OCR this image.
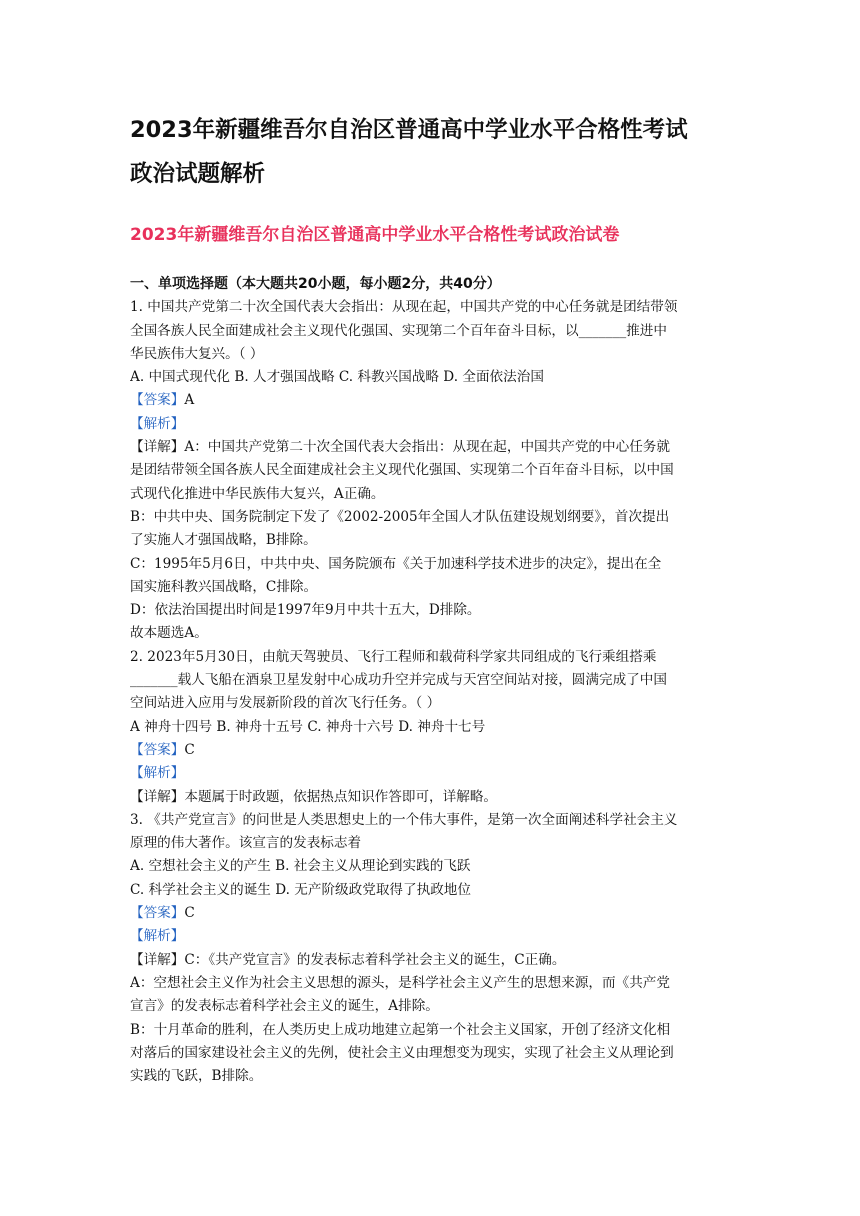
2023年新疆维吾尔自治区普通高中学业水平合格性考试
政治试题解析
2023年新疆维吾尔自治区普通高中学业水平合格性考试政治试卷
一、单项选择题（本大题共20小题，每小题2分，共40分）
1. 中国共产党第二十次全国代表大会指出：从现在起，中国共产党的中心任务就是团结带领
全国各族人民全面建成社会主义现代化强国、实现第二个百年奋斗目标，以_______推进中
华民族伟大复兴。（ ）
A. 中国式现代化 B. 人才强国战略 C. 科教兴国战略 D. 全面依法治国
【答案】A
【解析】
【详解】A：中国共产党第二十次全国代表大会指出：从现在起，中国共产党的中心任务就
是团结带领全国各族人民全面建成社会主义现代化强国、实现第二个百年奋斗目标，以中国
式现代化推进中华民族伟大复兴，A正确。
B：中共中央、国务院制定下发了《2002-2005年全国人才队伍建设规划纲要》，首次提出
了实施人才强国战略，B排除。
C：1995年5月6日，中共中央、国务院颁布《关于加速科学技术进步的决定》，提出在全
国实施科教兴国战略，C排除。
D：依法治国提出时间是1997年9月中共十五大，D排除。
故本题选A。
2. 2023年5月30日，由航天驾驶员、飞行工程师和载荷科学家共同组成的飞行乘组搭乘
_______载人飞船在酒泉卫星发射中心成功升空并完成与天宫空间站对接，圆满完成了中国
空间站进入应用与发展新阶段的首次飞行任务。（ ）
A 神舟十四号 B. 神舟十五号 C. 神舟十六号 D. 神舟十七号
【答案】C
【解析】
【详解】本题属于时政题，依据热点知识作答即可，详解略。
3. 《共产党宣言》的问世是人类思想史上的一个伟大事件，是第一次全面阐述科学社会主义
原理的伟大著作。该宣言的发表标志着
A. 空想社会主义的产生 B. 社会主义从理论到实践的飞跃
C. 科学社会主义的诞生 D. 无产阶级政党取得了执政地位
【答案】C
【解析】
【详解】C：《共产党宣言》的发表标志着科学社会主义的诞生，C正确。
A：空想社会主义作为社会主义思想的源头，是科学社会主义产生的思想来源，而《共产党
宣言》的发表标志着科学社会主义的诞生，A排除。
B：十月革命的胜利，在人类历史上成功地建立起第一个社会主义国家，开创了经济文化相
对落后的国家建设社会主义的先例，使社会主义由理想变为现实，实现了社会主义从理论到
实践的飞跃，B排除。
